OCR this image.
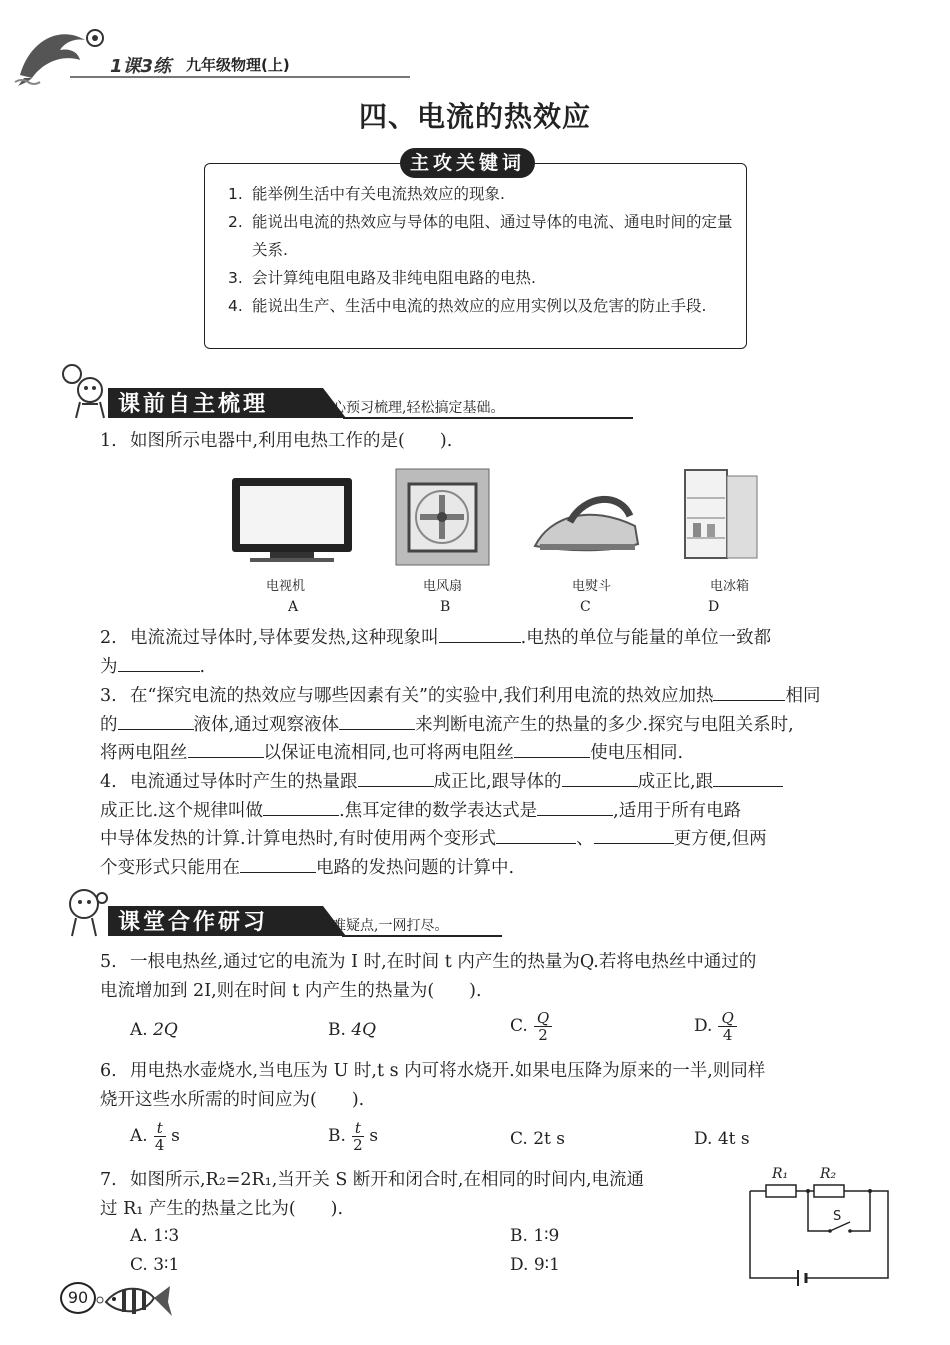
1课3练 九年级物理(上)
四、电流的热效应
主攻关键词
1. 能举例生活中有关电流热效应的现象.
2. 能说出电流的热效应与导体的电阻、通过导体的电流、通电时间的定量关系.
3. 会计算纯电阻电路及非纯电阻电路的电热.
4. 能说出生产、生活中电流的热效应的应用实例以及危害的防止手段.
课前自主梳理	开心预习梳理,轻松搞定基础。
1. 如图所示电器中,利用电热工作的是(　　).
电视机	电风扇	电熨斗	电冰箱
A	B	C	D
2. 电流流过导体时,导体要发热,这种现象叫	.电热的单位与能量的单位一致都
为	.
3. 在“探究电流的热效应与哪些因素有关”的实验中,我们利用电流的热效应加热	相同
的	液体,通过观察液体	来判断电流产生的热量的多少.探究与电阻关系时,
将两电阻丝	以保证电流相同,也可将两电阻丝	使电压相同.
4. 电流通过导体时产生的热量跟	成正比,跟导体的	成正比,跟
成正比.这个规律叫做	.焦耳定律的数学表达式是	,适用于所有电路
中导体发热的计算.计算电热时,有时使用两个变形式	、	更方便,但两
个变形式只能用在	电路的发热问题的计算中.
课堂合作研习	重难疑点,一网打尽。
5. 一根电热丝,通过它的电流为 I 时,在时间 t 内产生的热量为Q.若将电热丝中通过的
电流增加到 2I,则在时间 t 内产生的热量为(　　).
A. 2Q	B. 4Q	C. $\frac{Q}{2}$	D. $\frac{Q}{4}$
6. 用电热水壶烧水,当电压为 U 时,t s 内可将水烧开.如果电压降为原来的一半,则同样
烧开这些水所需的时间应为(　　).
A. $\frac{t}{4}$ s	B. $\frac{t}{2}$ s	C. 2t s	D. 4t s
7. 如图所示,R₂=2R₁,当开关 S 断开和闭合时,在相同的时间内,电流通
过 R₁ 产生的热量之比为(　　).
A. 1∶3	B. 1∶9
C. 3∶1	D. 9∶1
R₁ R₂
S
90
